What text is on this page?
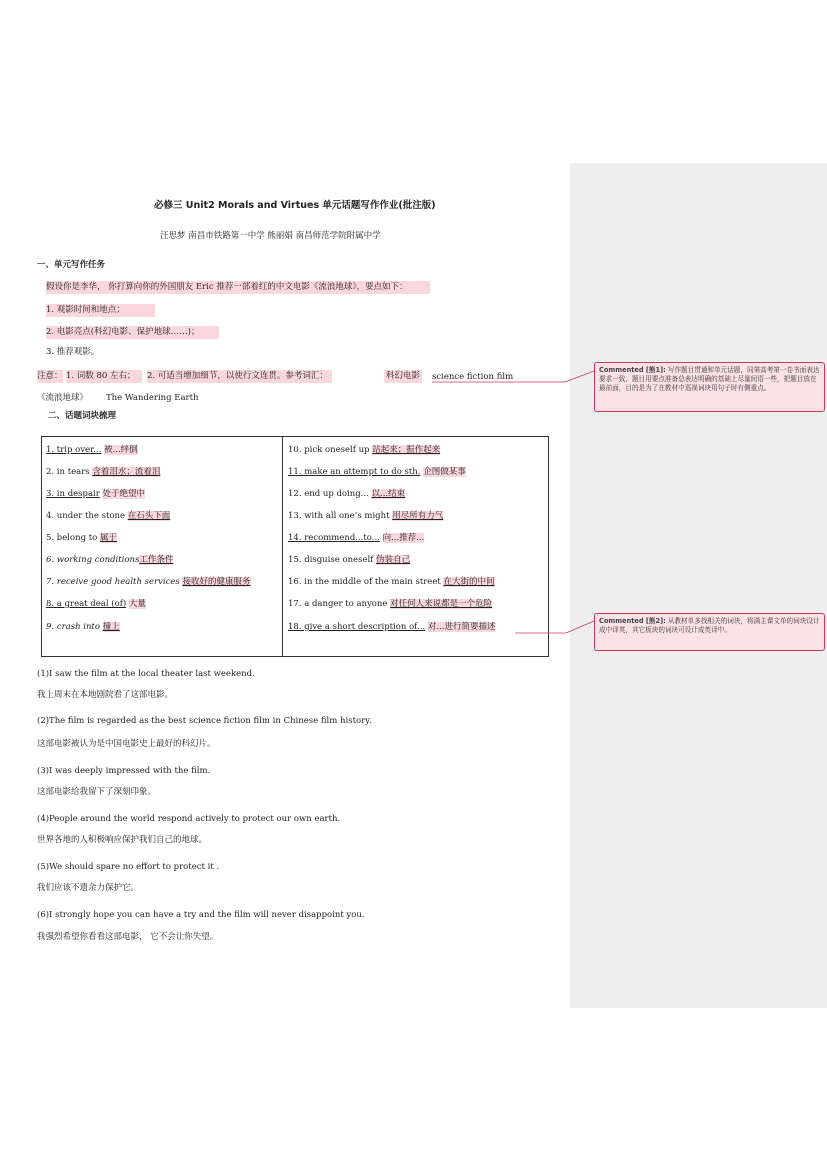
必修三 Unit2 Morals and Virtues 单元话题写作作业(批注版)
汪思梦 南昌市铁路第一中学 熊丽娟 南昌师范学院附属中学
一、单元写作任务
假设你是李华， 你打算向你的外国朋友 Eric 推荐一部着红的中文电影《流浪地球》，要点如下：
1. 观影时间和地点；
2. 电影亮点(科幻电影、保护地球……)；
3. 推荐观影。
注意： 1. 词数 80 左右；	2. 可适当增加细节，以使行文连贯。参考词汇：	科幻电影 science fiction film
《流浪地球》 The Wandering Earth
二、话题词块梳理
1. trip over... 被...绊倒
2. in tears 含着泪水；流着泪
3. in despair 处于绝望中
4. under the stone 在石头下面
5. belong to 属于
6. working conditions工作条件
7. receive good health services 接收好的健康服务
8. a great deal (of) 大量
9. crash into 撞上
10. pick oneself up 站起来；振作起来
11. make an attempt to do sth. 企图做某事
12. end up doing... 以...结束
13. with all one’s might 用尽所有力气
14. recommend...to... 向...推荐...
15. disguise oneself 伪装自己
16. in the middle of the main street 在大街的中间
17. a danger to anyone 对任何人来说都是一个危险
18. give a short description of... 对...进行简要描述
(1)I saw the film at the local theater last weekend.
我上周末在本地剧院看了这部电影。
(2)The film is regarded as the best science fiction film in Chinese film history.
这部电影被认为是中国电影史上最好的科幻片。
(3)I was deeply impressed with the film.
这部电影给我留下了深刻印象。
(4)People around the world respond actively to protect our own earth.
世界各地的人积极响应保护我们自己的地球。
(5)We should spare no effort to protect it .
我们应该不遗余力保护它。
(6)I strongly hope you can have a try and the film will never disappoint you.
我强烈希望你看看这部电影， 它不会让你失望。
Commented [熊1]: 写作题目贯通和单元话题，同第高考第一卷书面表达要求一致，题目用要点准备总表达明确的基础上尽量间语一些，把题目放在最前面，目的是为了在教材中巡视词块用句子时有侧重点。
Commented [熊2]: 从教材单多找相关的词块，将满主课文单的词块设计成中译英，其它板块的词块可设计成英译中。
